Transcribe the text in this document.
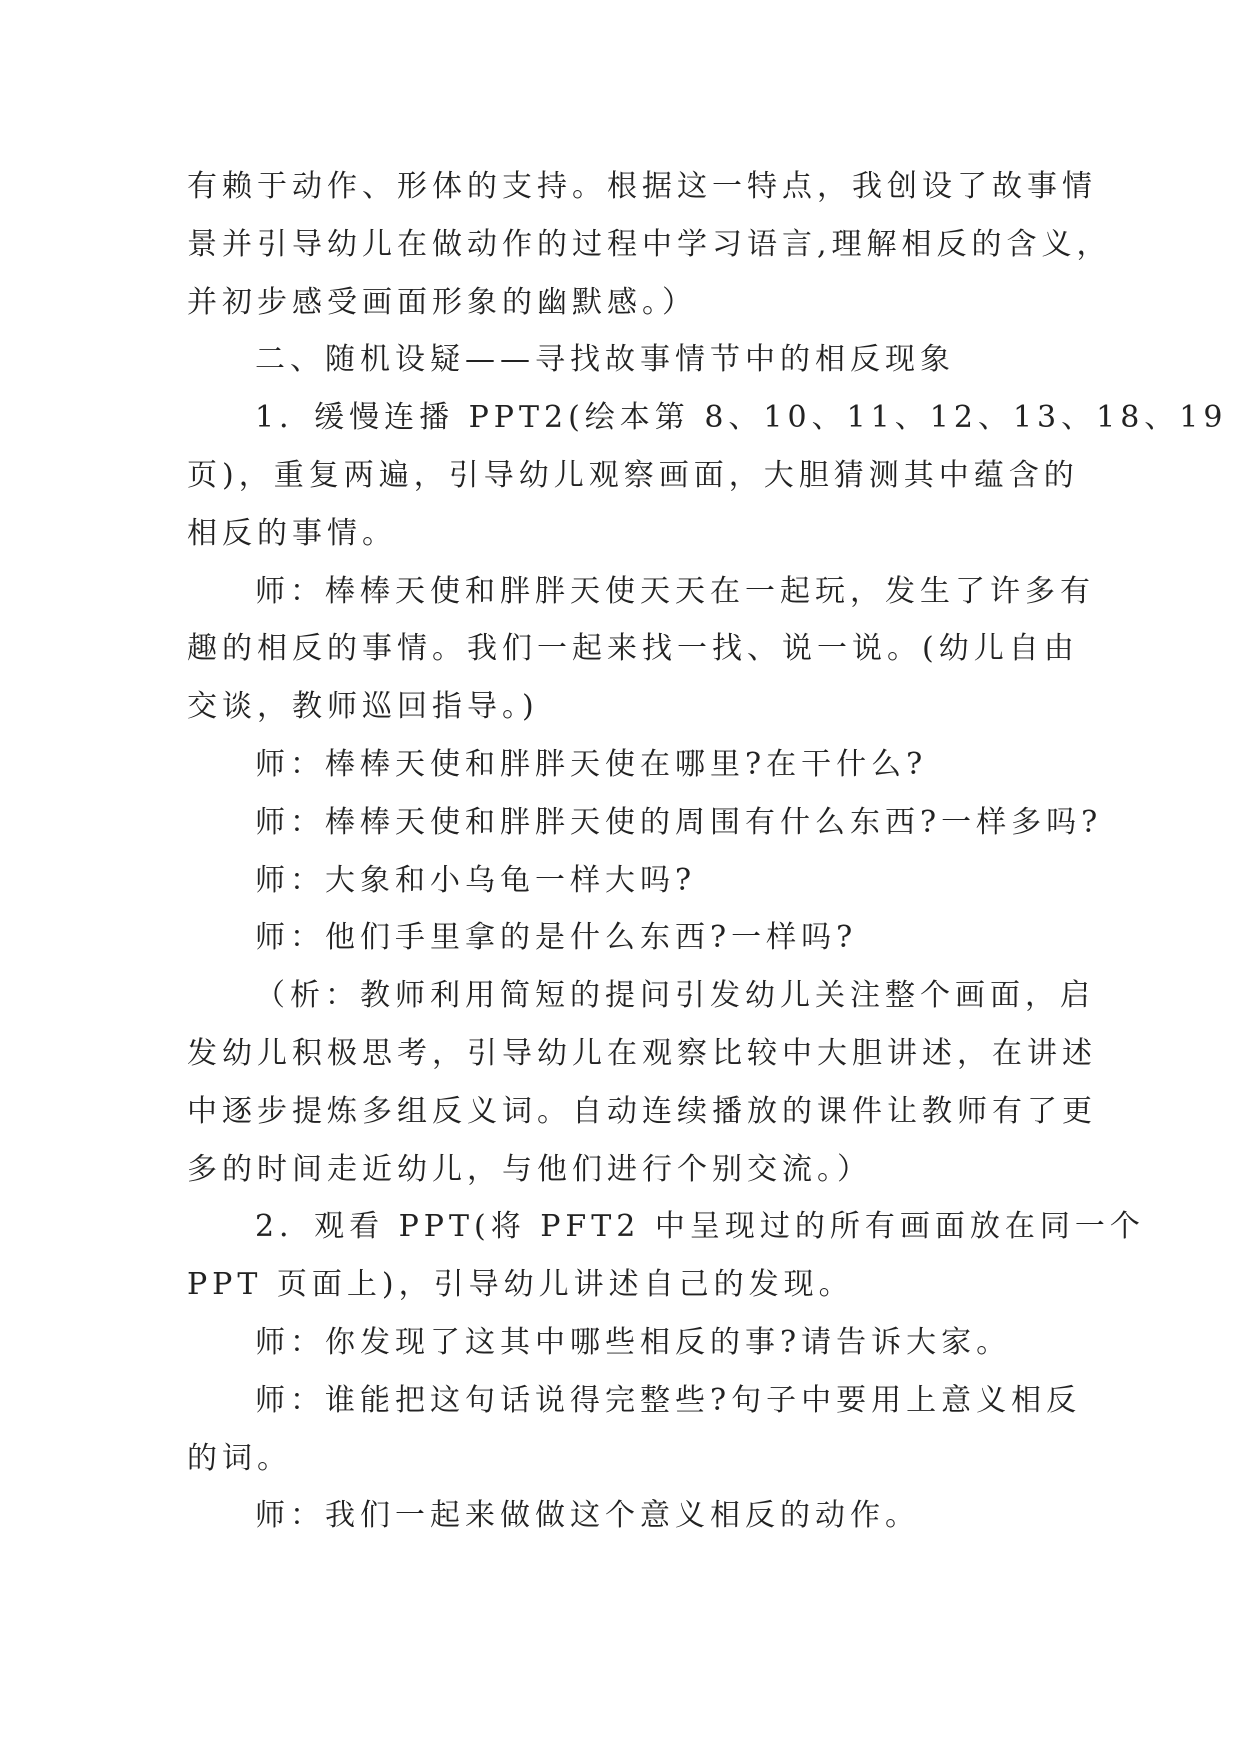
有赖于动作、形体的支持。根据这一特点，我创设了故事情

景并引导幼儿在做动作的过程中学习语言,理解相反的含义，

并初步感受画面形象的幽默感。）

二、随机设疑——寻找故事情节中的相反现象

1．缓慢连播 PPT2(绘本第 8、10、11、12、13、18、19

页)，重复两遍，引导幼儿观察画面，大胆猜测其中蕴含的

相反的事情。

师：棒棒天使和胖胖天使天天在一起玩，发生了许多有

趣的相反的事情。我们一起来找一找、说一说。(幼儿自由

交谈，教师巡回指导。)

师：棒棒天使和胖胖天使在哪里?在干什么?

师：棒棒天使和胖胖天使的周围有什么东西?一样多吗?

师：大象和小乌龟一样大吗?

师：他们手里拿的是什么东西?一样吗?

（析：教师利用简短的提问引发幼儿关注整个画面，启

发幼儿积极思考，引导幼儿在观察比较中大胆讲述，在讲述

中逐步提炼多组反义词。自动连续播放的课件让教师有了更

多的时间走近幼儿，与他们进行个别交流。）

2．观看 PPT(将 PFT2 中呈现过的所有画面放在同一个

PPT 页面上)，引导幼儿讲述自己的发现。

师：你发现了这其中哪些相反的事?请告诉大家。

师：谁能把这句话说得完整些?句子中要用上意义相反

的词。

师：我们一起来做做这个意义相反的动作。
